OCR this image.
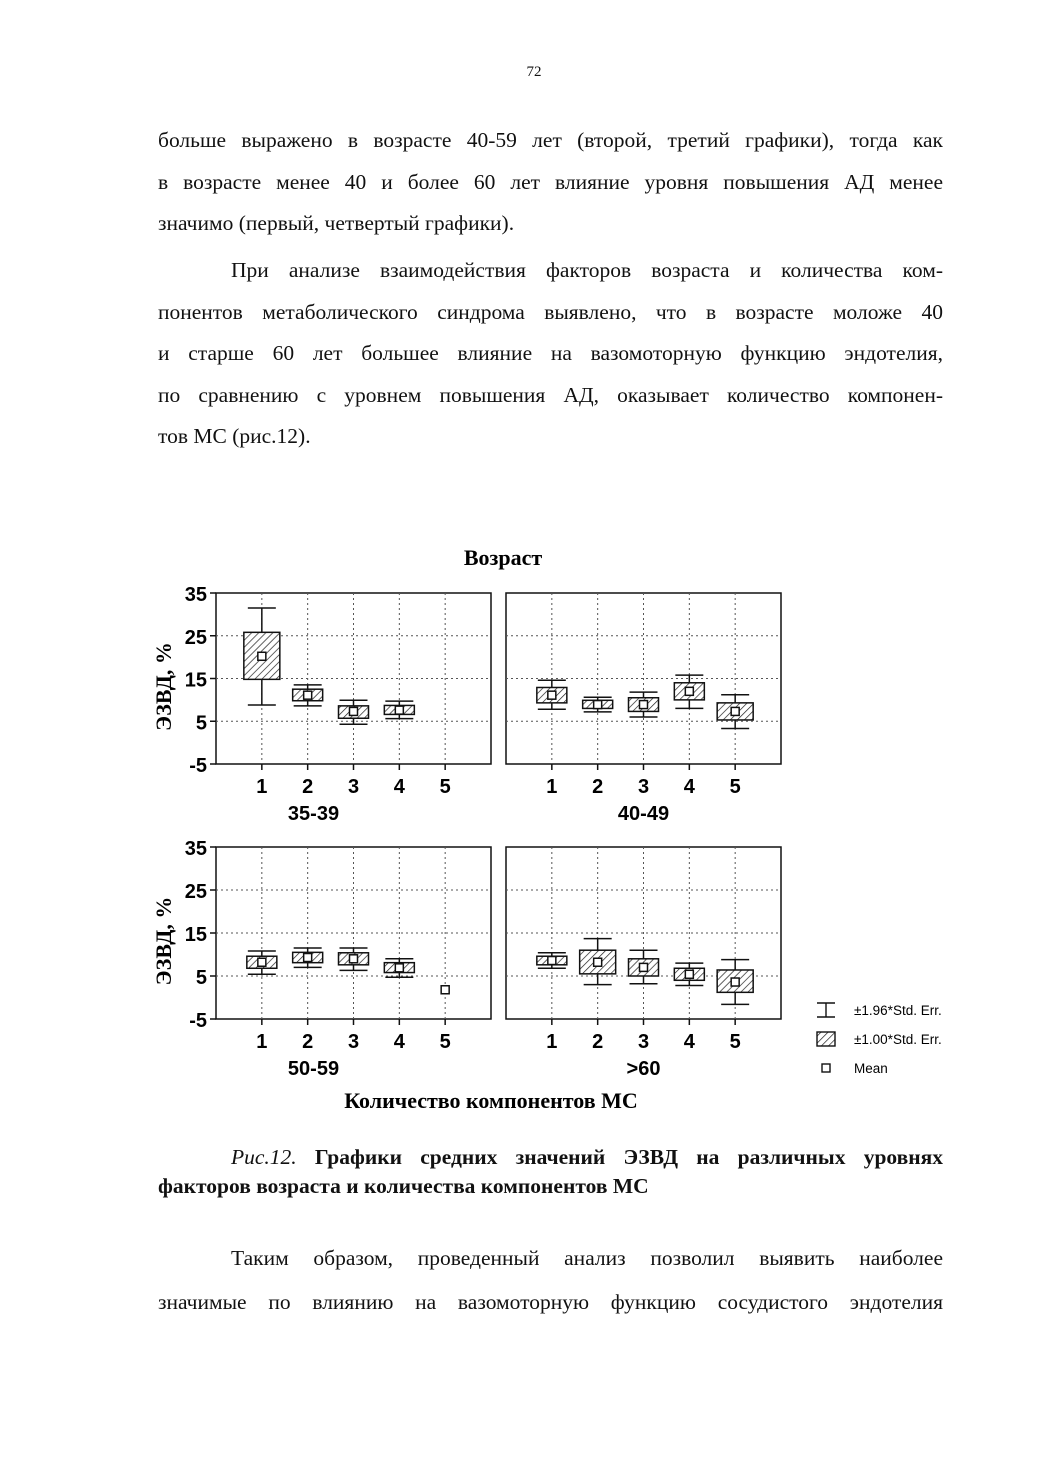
72
больше выражено в возрасте 40-59 лет (второй, третий графики), тогда как
в возрасте менее 40 и более 60 лет влияние уровня повышения АД менее
значимо (первый, четвертый графики).
При анализе взаимодействия факторов возраста и количества ком-
понентов метаболического синдрома выявлено, что в возрасте моложе 40
и старше 60 лет большее влияние на вазомоторную функцию эндотелия,
по сравнению с уровнем повышения АД, оказывает количество компонен-
тов МС (рис.12).
Возраст
35
25
15
5
-5
1 2 3 4 5
35-39
ЭЗВД, %
1 2 3 4 5
40-49
35
25
15
5
-5
1 2 3 4 5
50-59
ЭЗВД, %
1 2 3 4 5
>60
Количество компонентов МС
±1.96*Std. Err.
±1.00*Std. Err.
Mean
Рис.12. Графики средних значений ЭЗВД на различных уровнях
факторов возраста и количества компонентов МС
Таким образом, проведенный анализ позволил выявить наиболее
значимые по влиянию на вазомоторную функцию сосудистого эндотелия
